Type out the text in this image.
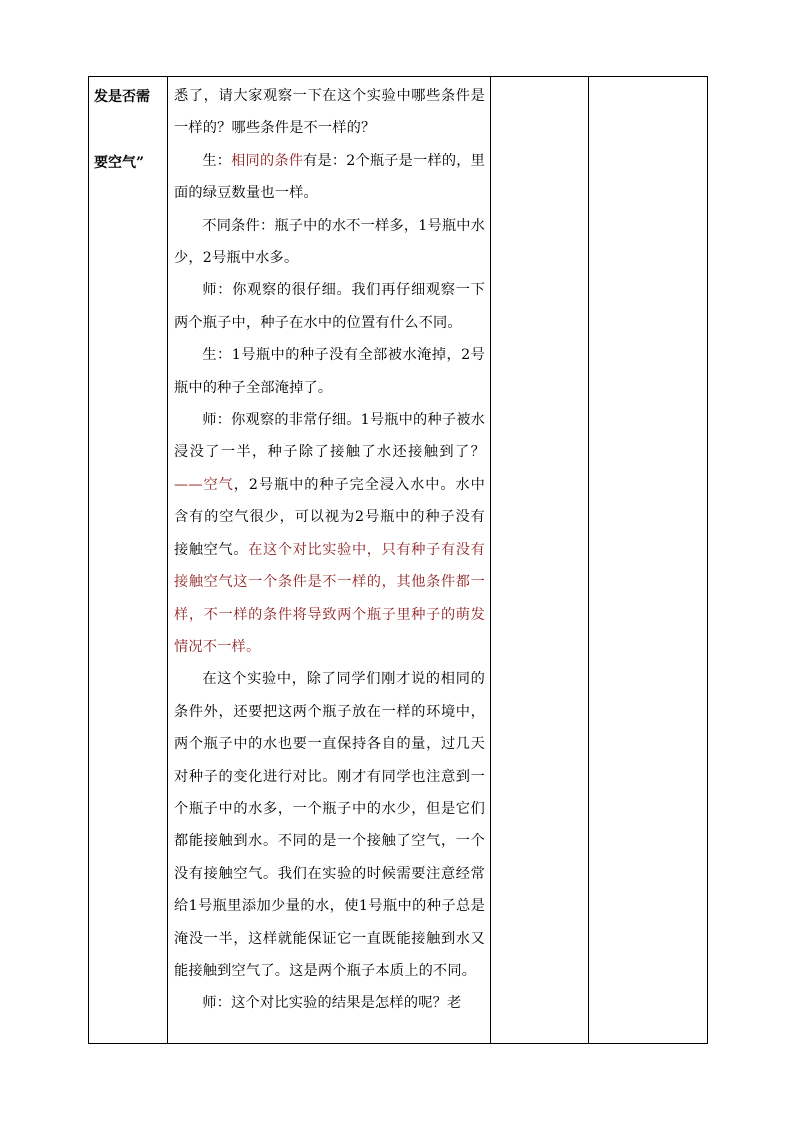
发是否需
要空气”

悉了，请大家观察一下在这个实验中哪些条件是一样的？哪些条件是不一样的？

生：相同的条件有是：2个瓶子是一样的，里面的绿豆数量也一样。

不同条件：瓶子中的水不一样多，1号瓶中水少，2号瓶中水多。

师：你观察的很仔细。我们再仔细观察一下两个瓶子中，种子在水中的位置有什么不同。

生：1号瓶中的种子没有全部被水淹掉，2号瓶中的种子全部淹掉了。

师：你观察的非常仔细。1号瓶中的种子被水浸没了一半，种子除了接触了水还接触到了？——空气，2号瓶中的种子完全浸入水中。水中含有的空气很少，可以视为2号瓶中的种子没有接触空气。在这个对比实验中，只有种子有没有接触空气这一个条件是不一样的，其他条件都一样，不一样的条件将导致两个瓶子里种子的萌发情况不一样。

在这个实验中，除了同学们刚才说的相同的条件外，还要把这两个瓶子放在一样的环境中，两个瓶子中的水也要一直保持各自的量，过几天对种子的变化进行对比。刚才有同学也注意到一个瓶子中的水多，一个瓶子中的水少，但是它们都能接触到水。不同的是一个接触了空气，一个没有接触空气。我们在实验的时候需要注意经常给1号瓶里添加少量的水，使1号瓶中的种子总是淹没一半，这样就能保证它一直既能接触到水又能接触到空气了。这是两个瓶子本质上的不同。

师：这个对比实验的结果是怎样的呢？老
